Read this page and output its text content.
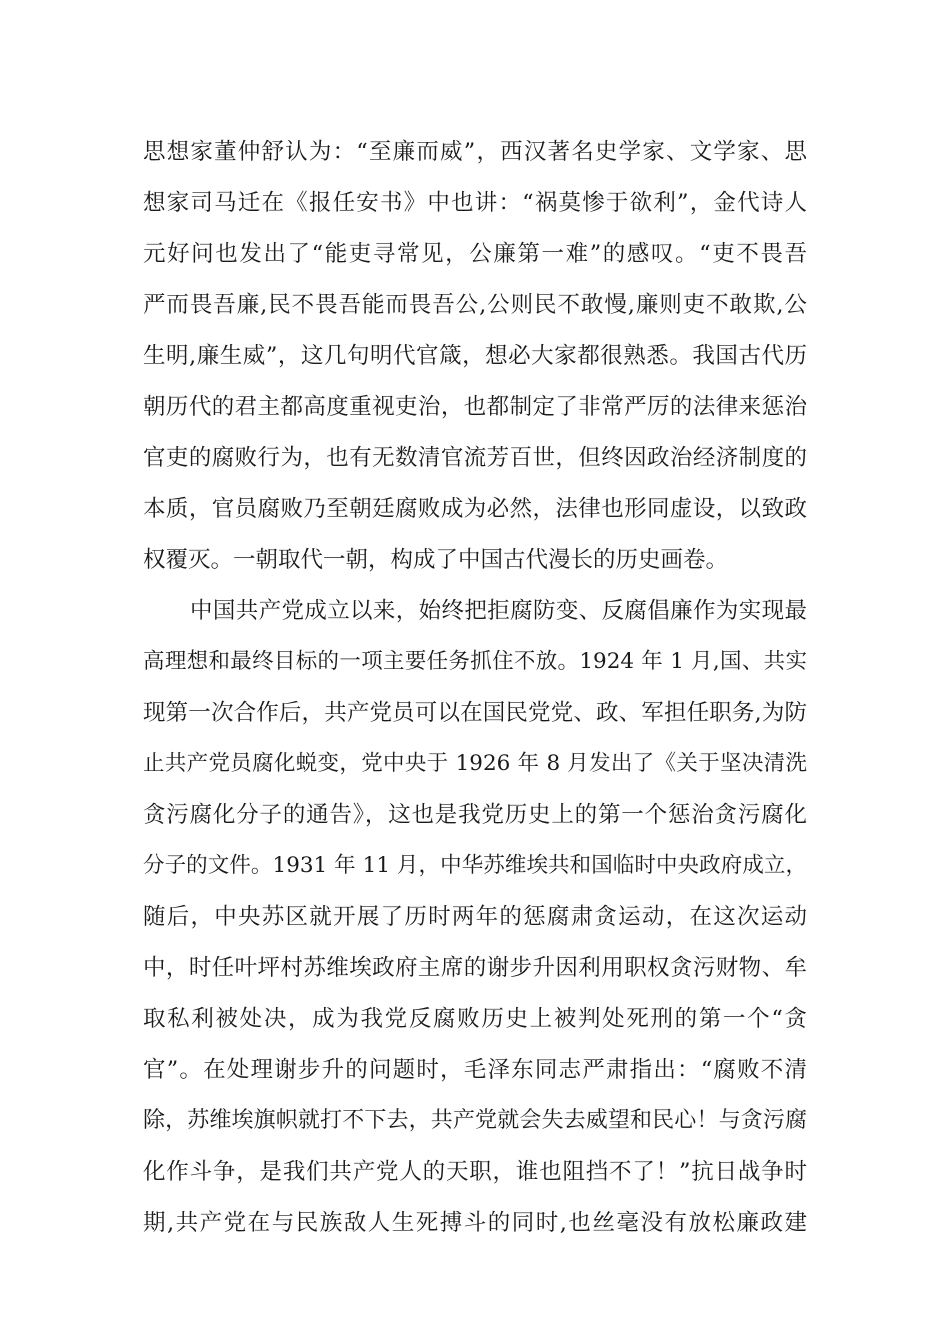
思想家董仲舒认为：“至廉而威”，西汉著名史学家、文学家、思
想家司马迁在《报任安书》中也讲：“祸莫惨于欲利”，金代诗人
元好问也发出了“能吏寻常见，公廉第一难”的感叹。“吏不畏吾
严而畏吾廉,民不畏吾能而畏吾公,公则民不敢慢,廉则吏不敢欺,公
生明,廉生威”，这几句明代官箴，想必大家都很熟悉。我国古代历
朝历代的君主都高度重视吏治，也都制定了非常严厉的法律来惩治
官吏的腐败行为，也有无数清官流芳百世，但终因政治经济制度的
本质，官员腐败乃至朝廷腐败成为必然，法律也形同虚设，以致政
权覆灭。一朝取代一朝，构成了中国古代漫长的历史画卷。
中国共产党成立以来，始终把拒腐防变、反腐倡廉作为实现最
高理想和最终目标的一项主要任务抓住不放。1924 年 1 月,国、共实
现第一次合作后，共产党员可以在国民党党、政、军担任职务,为防
止共产党员腐化蜕变，党中央于 1926 年 8 月发出了《关于坚决清洗
贪污腐化分子的通告》，这也是我党历史上的第一个惩治贪污腐化
分子的文件。1931 年 11 月，中华苏维埃共和国临时中央政府成立，
随后，中央苏区就开展了历时两年的惩腐肃贪运动，在这次运动
中，时任叶坪村苏维埃政府主席的谢步升因利用职权贪污财物、牟
取私利被处决，成为我党反腐败历史上被判处死刑的第一个“贪
官”。在处理谢步升的问题时，毛泽东同志严肃指出：“腐败不清
除，苏维埃旗帜就打不下去，共产党就会失去威望和民心！与贪污腐
化作斗争，是我们共产党人的天职，谁也阻挡不了！”抗日战争时
期,共产党在与民族敌人生死搏斗的同时,也丝毫没有放松廉政建
